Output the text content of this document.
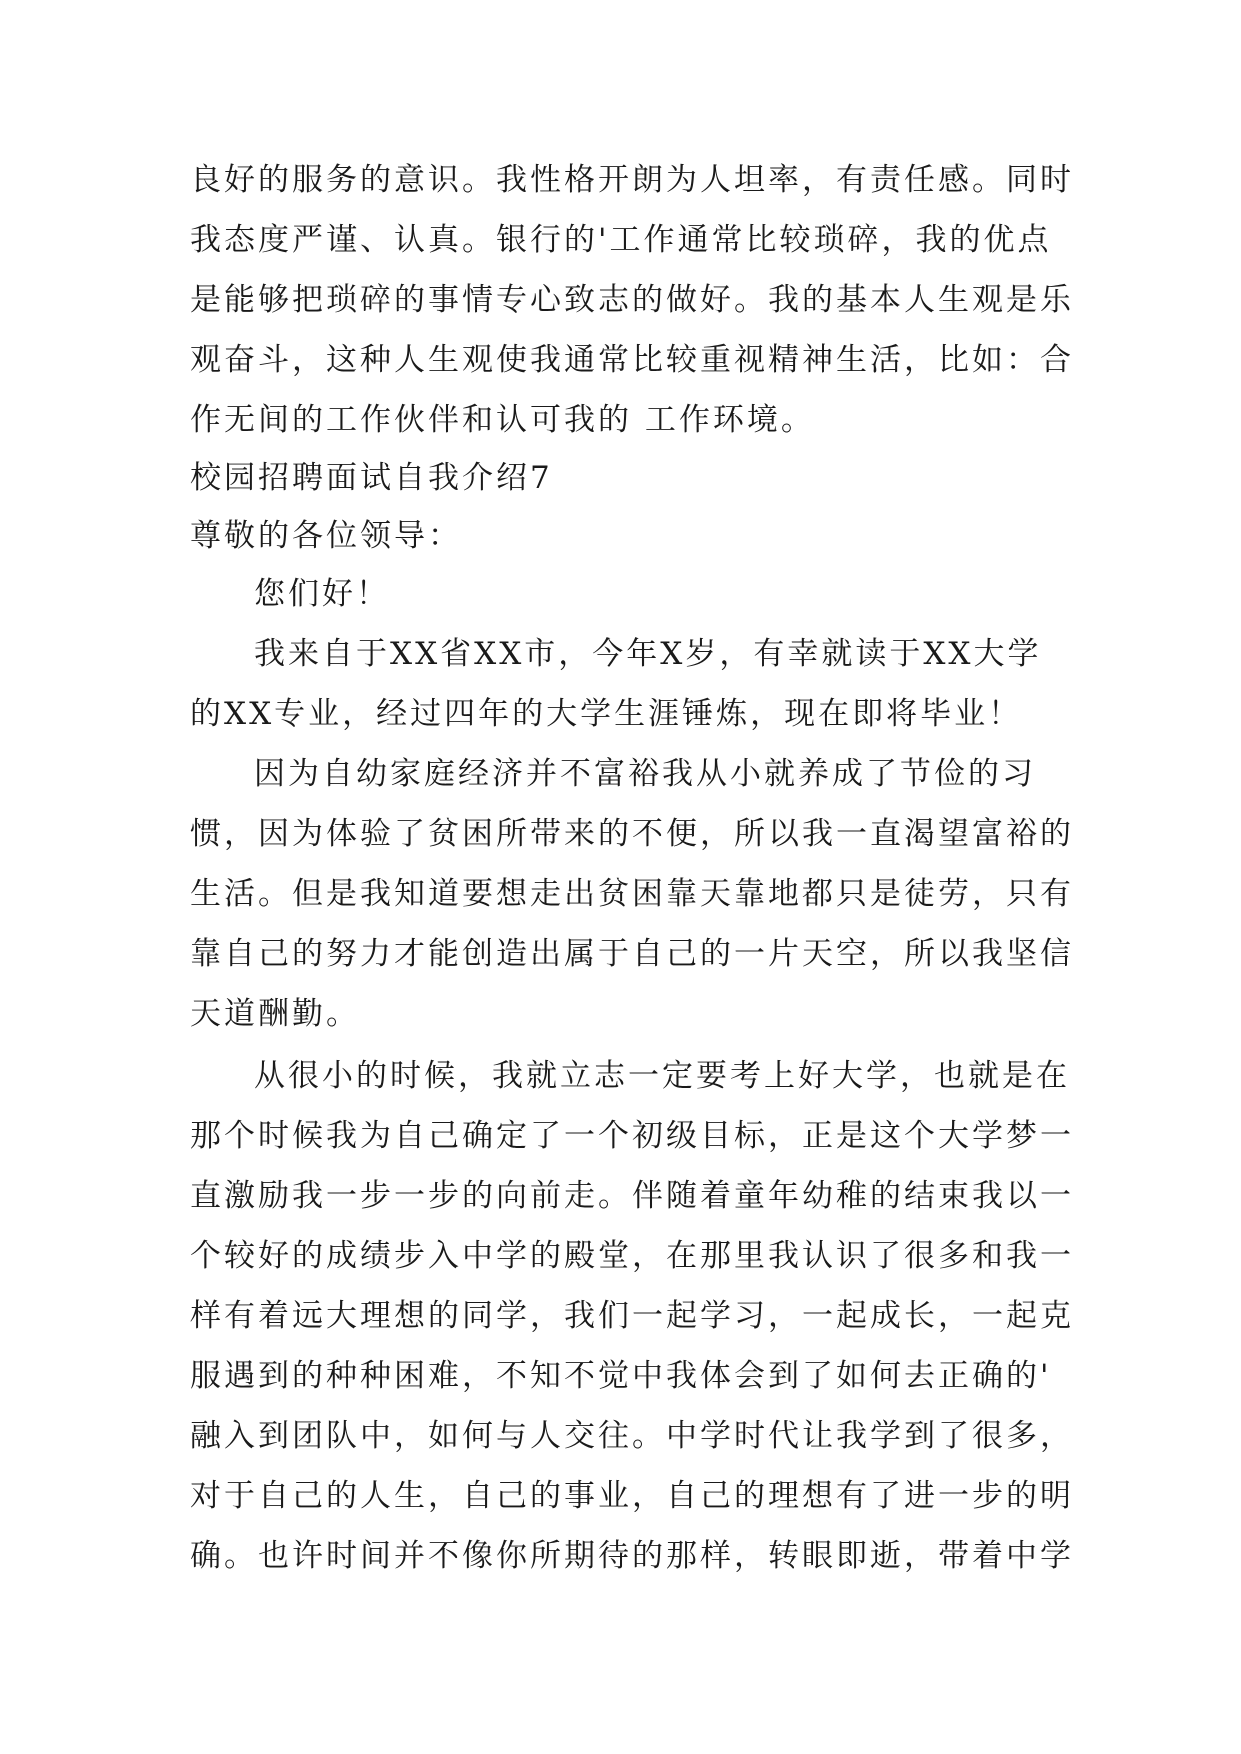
良好的服务的意识。我性格开朗为人坦率，有责任感。同时
我态度严谨、认真。银行的'工作通常比较琐碎，我的优点
是能够把琐碎的事情专心致志的做好。我的基本人生观是乐
观奋斗，这种人生观使我通常比较重视精神生活，比如：合
作无间的工作伙伴和认可我的 工作环境。
校园招聘面试自我介绍7
尊敬的各位领导：
您们好！
我来自于XX省XX市，今年X岁，有幸就读于XX大学
的XX专业，经过四年的大学生涯锤炼，现在即将毕业！
因为自幼家庭经济并不富裕我从小就养成了节俭的习
惯，因为体验了贫困所带来的不便，所以我一直渴望富裕的
生活。但是我知道要想走出贫困靠天靠地都只是徒劳，只有
靠自己的努力才能创造出属于自己的一片天空，所以我坚信
天道酬勤。
从很小的时候，我就立志一定要考上好大学，也就是在
那个时候我为自己确定了一个初级目标，正是这个大学梦一
直激励我一步一步的向前走。伴随着童年幼稚的结束我以一
个较好的成绩步入中学的殿堂，在那里我认识了很多和我一
样有着远大理想的同学，我们一起学习，一起成长，一起克
服遇到的种种困难，不知不觉中我体会到了如何去正确的'
融入到团队中，如何与人交往。中学时代让我学到了很多，
对于自己的人生，自己的事业，自己的理想有了进一步的明
确。也许时间并不像你所期待的那样，转眼即逝，带着中学
